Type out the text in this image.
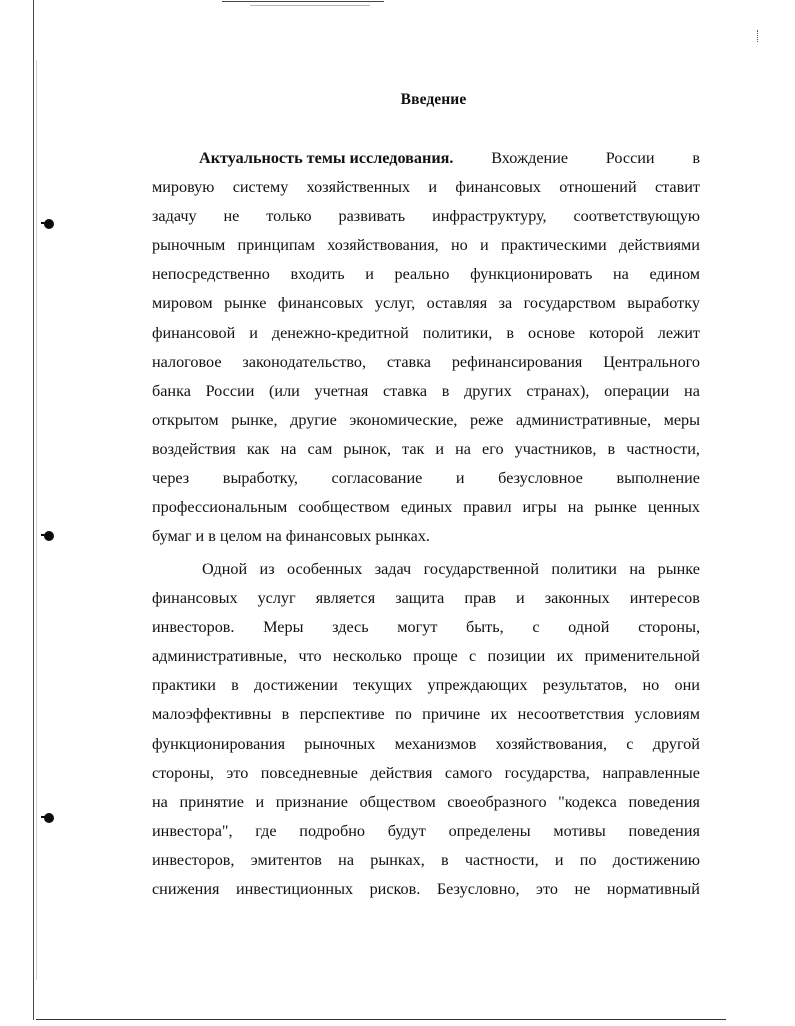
Введение
Актуальность темы исследования. Вхождение России в
мировую систему хозяйственных и финансовых отношений ставит
задачу не только развивать инфраструктуру, соответствующую
рыночным принципам хозяйствования, но и практическими действиями
непосредственно входить и реально функционировать на едином
мировом рынке финансовых услуг, оставляя за государством выработку
финансовой и денежно-кредитной политики, в основе которой лежит
налоговое законодательство, ставка рефинансирования Центрального
банка России (или учетная ставка в других странах), операции на
открытом рынке, другие экономические, реже административные, меры
воздействия как на сам рынок, так и на его участников, в частности,
через выработку, согласование и безусловное выполнение
профессиональным сообществом единых правил игры на рынке ценных
бумаг и в целом на финансовых рынках.
Одной из особенных задач государственной политики на рынке
финансовых услуг является защита прав и законных интересов
инвесторов. Меры здесь могут быть, с одной стороны,
административные, что несколько проще с позиции их применительной
практики в достижении текущих упреждающих результатов, но они
малоэффективны в перспективе по причине их несоответствия условиям
функционирования рыночных механизмов хозяйствования, с другой
стороны, это повседневные действия самого государства, направленные
на принятие и признание обществом своеобразного "кодекса поведения
инвестора", где подробно будут определены мотивы поведения
инвесторов, эмитентов на рынках, в частности, и по достижению
снижения инвестиционных рисков. Безусловно, это не нормативный
